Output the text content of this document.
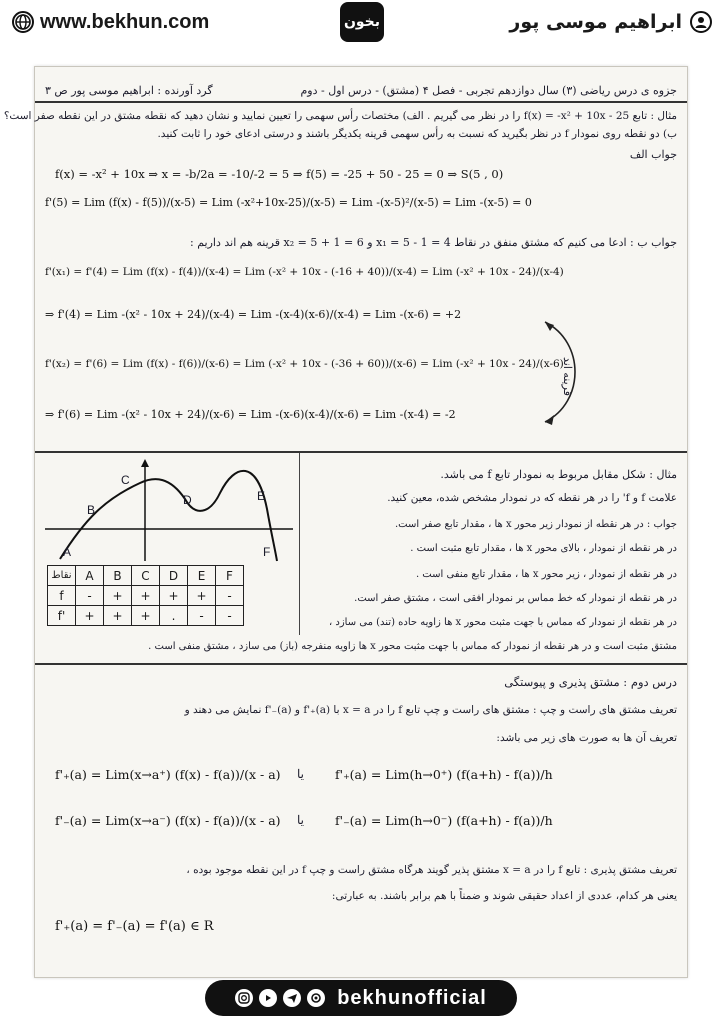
www.bekhun.com	بخون	ابراهیم موسی پور
جزوه ی درس ریاضی (۳) سال دوازدهم تجربی - فصل ۴ (مشتق) - درس اول - دوم
گرد آورنده : ابراهیم موسی پور ص ۳
مثال : تابع f(x) = -x² + 10x - 25 را در نظر می گیریم . الف) مختصات رأس سهمی را تعیین نمایید و نشان دهید که نقطه مشتق در این نقطه صفر است؟
ب) دو نقطه روی نمودار f در نظر بگیرید که نسبت به رأس سهمی قرینه یکدیگر باشند و درستی ادعای خود را ثابت کنید.
جواب الف
f(x) = -x² + 10x ⇒ x = -b/2a = -10/-2 = 5 ⇒ f(5) = -25 + 50 - 25 = 0 ⇒ S(5 , 0)
f'(5) = Lim (f(x) - f(5))/(x-5) = Lim (-x²+10x-25)/(x-5) = Lim -(x-5)²/(x-5) = Lim -(x-5) = 0
جواب ب : ادعا می کنیم که مشتق منفق در نقاط x₁ = 5 - 1 = 4 و x₂ = 5 + 1 = 6 قرینه هم اند داریم :
f'(x₁) = f'(4) = Lim (f(x) - f(4))/(x-4) = Lim (-x² + 10x - (-16 + 40))/(x-4) = Lim (-x² + 10x - 24)/(x-4)
⇒ f'(4) = Lim -(x² - 10x + 24)/(x-4) = Lim -(x-4)(x-6)/(x-4) = Lim -(x-6) = +2
f'(x₂) = f'(6) = Lim (f(x) - f(6))/(x-6) = Lim (-x² + 10x - (-36 + 60))/(x-6) = Lim (-x² + 10x - 24)/(x-6)
⇒ f'(6) = Lim -(x² - 10x + 24)/(x-6) = Lim -(x-6)(x-4)/(x-6) = Lim -(x-4) = -2
قرینه اند
A
B
C
D	E
F
نقاط	A	B	C	D	E	F
f	-	+	+	+	+	-
f'	+	+	+	.	-	-
مثال : شکل مقابل مربوط به نمودار تابع f می باشد.
علامت f و f' را در هر نقطه که در نمودار مشخص شده، معین کنید.
جواب : در هر نقطه از نمودار زیر محور x ها ، مقدار تابع صفر است.
در هر نقطه از نمودار ، بالای محور x ها ، مقدار تابع مثبت است .
در هر نقطه از نمودار ، زیر محور x ها ، مقدار تابع منفی است .
در هر نقطه از نمودار که خط مماس بر نمودار افقی است ، مشتق صفر است.
در هر نقطه از نمودار که مماس با جهت مثبت محور x ها زاویه حاده (تند) می سازد ،
مشتق مثبت است و در هر نقطه از نمودار که مماس با جهت مثبت محور x ها زاویه منفرجه (باز) می سازد ، مشتق منفی است .
درس دوم : مشتق پذیری و پیوستگی
تعریف مشتق های راست و چپ : مشتق های راست و چپ تابع f را در x = a با f'₊(a) و f'₋(a) نمایش می دهند و
تعریف آن ها به صورت های زیر می باشد:
f'₊(a) = Lim(x→a⁺) (f(x) - f(a))/(x - a) یا f'₊(a) = Lim(h→0⁺) (f(a+h) - f(a))/h
f'₋(a) = Lim(x→a⁻) (f(x) - f(a))/(x - a) یا f'₋(a) = Lim(h→0⁻) (f(a+h) - f(a))/h
تعریف مشتق پذیری : تابع f را در x = a مشتق پذیر گویند هرگاه مشتق راست و چپ f در این نقطه موجود بوده ،
یعنی هر کدام، عددی از اعداد حقیقی شوند و ضمناً با هم برابر باشند. به عبارتی:
f'₊(a) = f'₋(a) = f'(a) ∈ R
bekhunofficial
